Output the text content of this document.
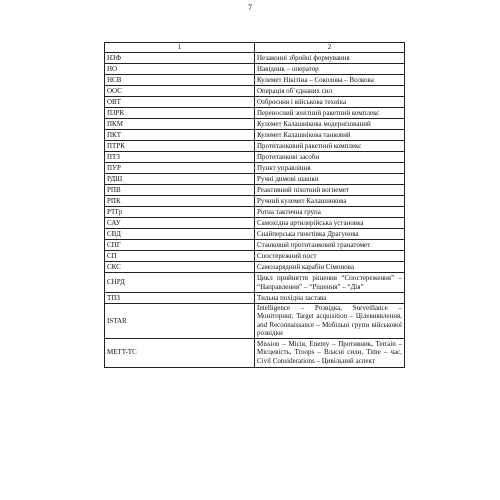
7
1	2
НЗФ	Незаконні збройні формування
НО	Навідник – оператор
НСВ	Кулемет Нікітіна – Соколова – Волкова
ООС	Операція об`єднаних сил
ОВТ	Озброєння і військова техніка
ПЗРК	Переносний зенітний ракетний комплекс
ПКМ	Кулемет Калашнікова модернізований
ПКТ	Кулемет Калашнікова танковий
ПТРК	Протитанковий ракетний комплекс
ПТЗ	Протитанкові засоби
ПУР	Пункт управління
РДШ	Ручні димові шашки
РПВ	Реактивний піхотний вогнемет
РПК	Ручний кулемет Калашникова
РТГр	Ротна тактична група
САУ	Самохідна артилерійська установка
СВД	Снайперська гвинтівка Драгунова
СПГ	Станковий протитанковий гранатомет
СП	Спостережний пост
СКС	Самозарядний карабін Сімонова
СНРД	Цикл прийняття рішення “Спостереження” – “Направлення” – “Рішення” – “Дія”
ТПЗ	Тильна похідна застава
ISTAR	Intelligence – Розвідка, Surveillance – Моніторинг, Target acquisition – Цілевиявлення, and Reconnaissance – Мобільні групи військової розвідки
METT-TC	Mission – Місія, Enemy – Противник, Terrain – Місцевість, Troops – Власні сили, Time – час, Civil Considerations – Цивільний аспект
